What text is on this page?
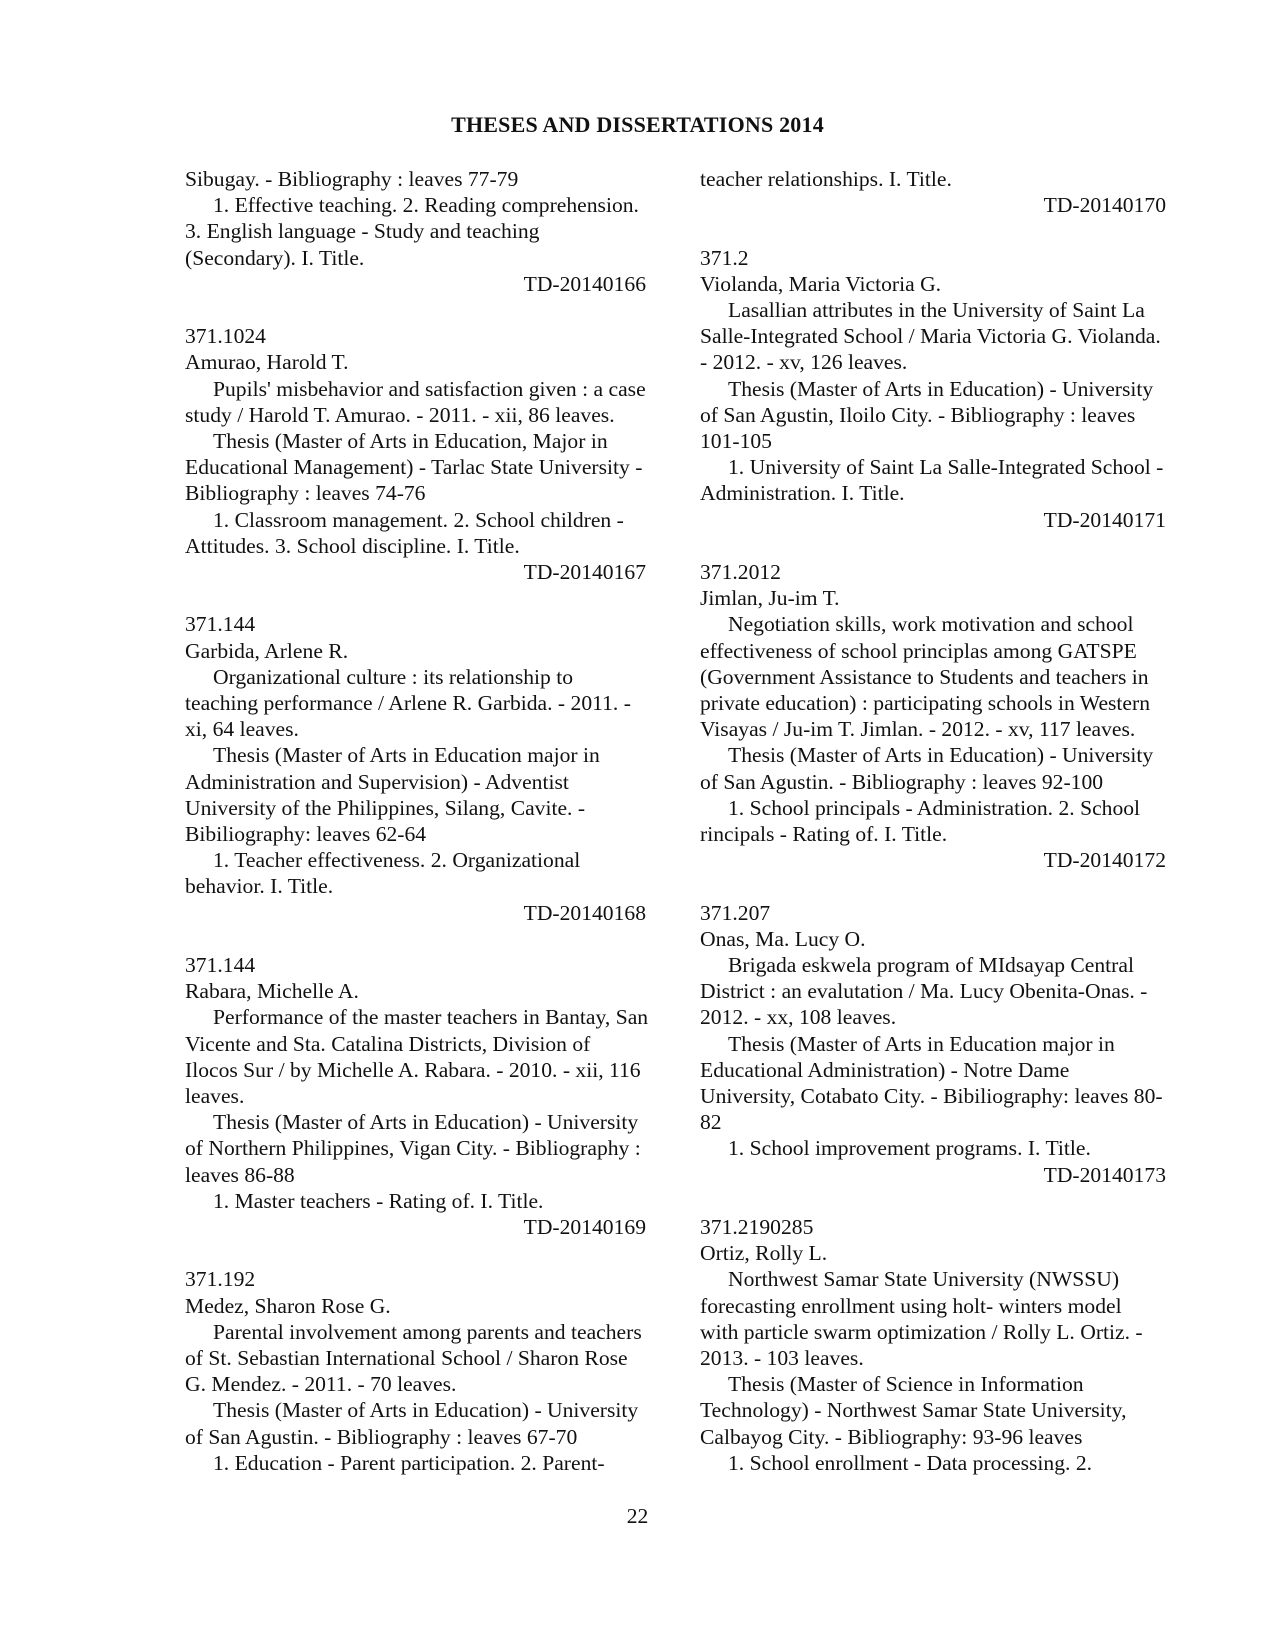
THESES AND DISSERTATIONS 2014

Sibugay. - Bibliography : leaves 77-79

1. Effective teaching. 2. Reading comprehension.

3. English language - Study and teaching

(Secondary). I. Title.

TD-20140166

371.1024

Amurao, Harold T.

Pupils' misbehavior and satisfaction given : a case

study / Harold T. Amurao. - 2011. - xii, 86 leaves.

Thesis (Master of Arts in Education, Major in

Educational Management) - Tarlac State University -

Bibliography : leaves 74-76

1. Classroom management. 2. School children -

Attitudes. 3. School discipline. I. Title.

TD-20140167

371.144

Garbida, Arlene R.

Organizational culture : its relationship to

teaching performance / Arlene R. Garbida. - 2011. -

xi, 64 leaves.

Thesis (Master of Arts in Education major in

Administration and Supervision) - Adventist

University of the Philippines, Silang, Cavite. -

Bibiliography: leaves 62-64

1. Teacher effectiveness. 2. Organizational

behavior. I. Title.

TD-20140168

371.144

Rabara, Michelle A.

Performance of the master teachers in Bantay, San

Vicente and Sta. Catalina Districts, Division of

Ilocos Sur / by Michelle A. Rabara. - 2010. - xii, 116

leaves.

Thesis (Master of Arts in Education) - University

of Northern Philippines, Vigan City. - Bibliography :

leaves 86-88

1. Master teachers - Rating of. I. Title.

TD-20140169

371.192

Medez, Sharon Rose G.

Parental involvement among parents and teachers

of St. Sebastian International School / Sharon Rose

G. Mendez. - 2011. - 70 leaves.

Thesis (Master of Arts in Education) - University

of San Agustin. - Bibliography : leaves 67-70

1. Education - Parent participation. 2. Parent-

teacher relationships. I. Title.

TD-20140170

371.2

Violanda, Maria Victoria G.

Lasallian attributes in the University of Saint La

Salle-Integrated School / Maria Victoria G. Violanda.

- 2012. - xv, 126 leaves.

Thesis (Master of Arts in Education) - University

of San Agustin, Iloilo City. - Bibliography : leaves

101-105

1. University of Saint La Salle-Integrated School -

Administration. I. Title.

TD-20140171

371.2012

Jimlan, Ju-im T.

Negotiation skills, work motivation and school

effectiveness of school principlas among GATSPE

(Government Assistance to Students and teachers in

private education) : participating schools in Western

Visayas / Ju-im T. Jimlan. - 2012. - xv, 117 leaves.

Thesis (Master of Arts in Education) - University

of San Agustin. - Bibliography : leaves 92-100

1. School principals - Administration. 2. School

rincipals - Rating of. I. Title.

TD-20140172

371.207

Onas, Ma. Lucy O.

Brigada eskwela program of MIdsayap Central

District : an evalutation / Ma. Lucy Obenita-Onas. -

2012. - xx, 108 leaves.

Thesis (Master of Arts in Education major in

Educational Administration) - Notre Dame

University, Cotabato City. - Bibiliography: leaves 80-

82

1. School improvement programs. I. Title.

TD-20140173

371.2190285

Ortiz, Rolly L.

Northwest Samar State University (NWSSU)

forecasting enrollment using holt- winters model

with particle swarm optimization / Rolly L. Ortiz. -

2013. - 103 leaves.

Thesis (Master of Science in Information

Technology) - Northwest Samar State University,

Calbayog City. - Bibliography: 93-96 leaves

1. School enrollment - Data processing. 2.

22
